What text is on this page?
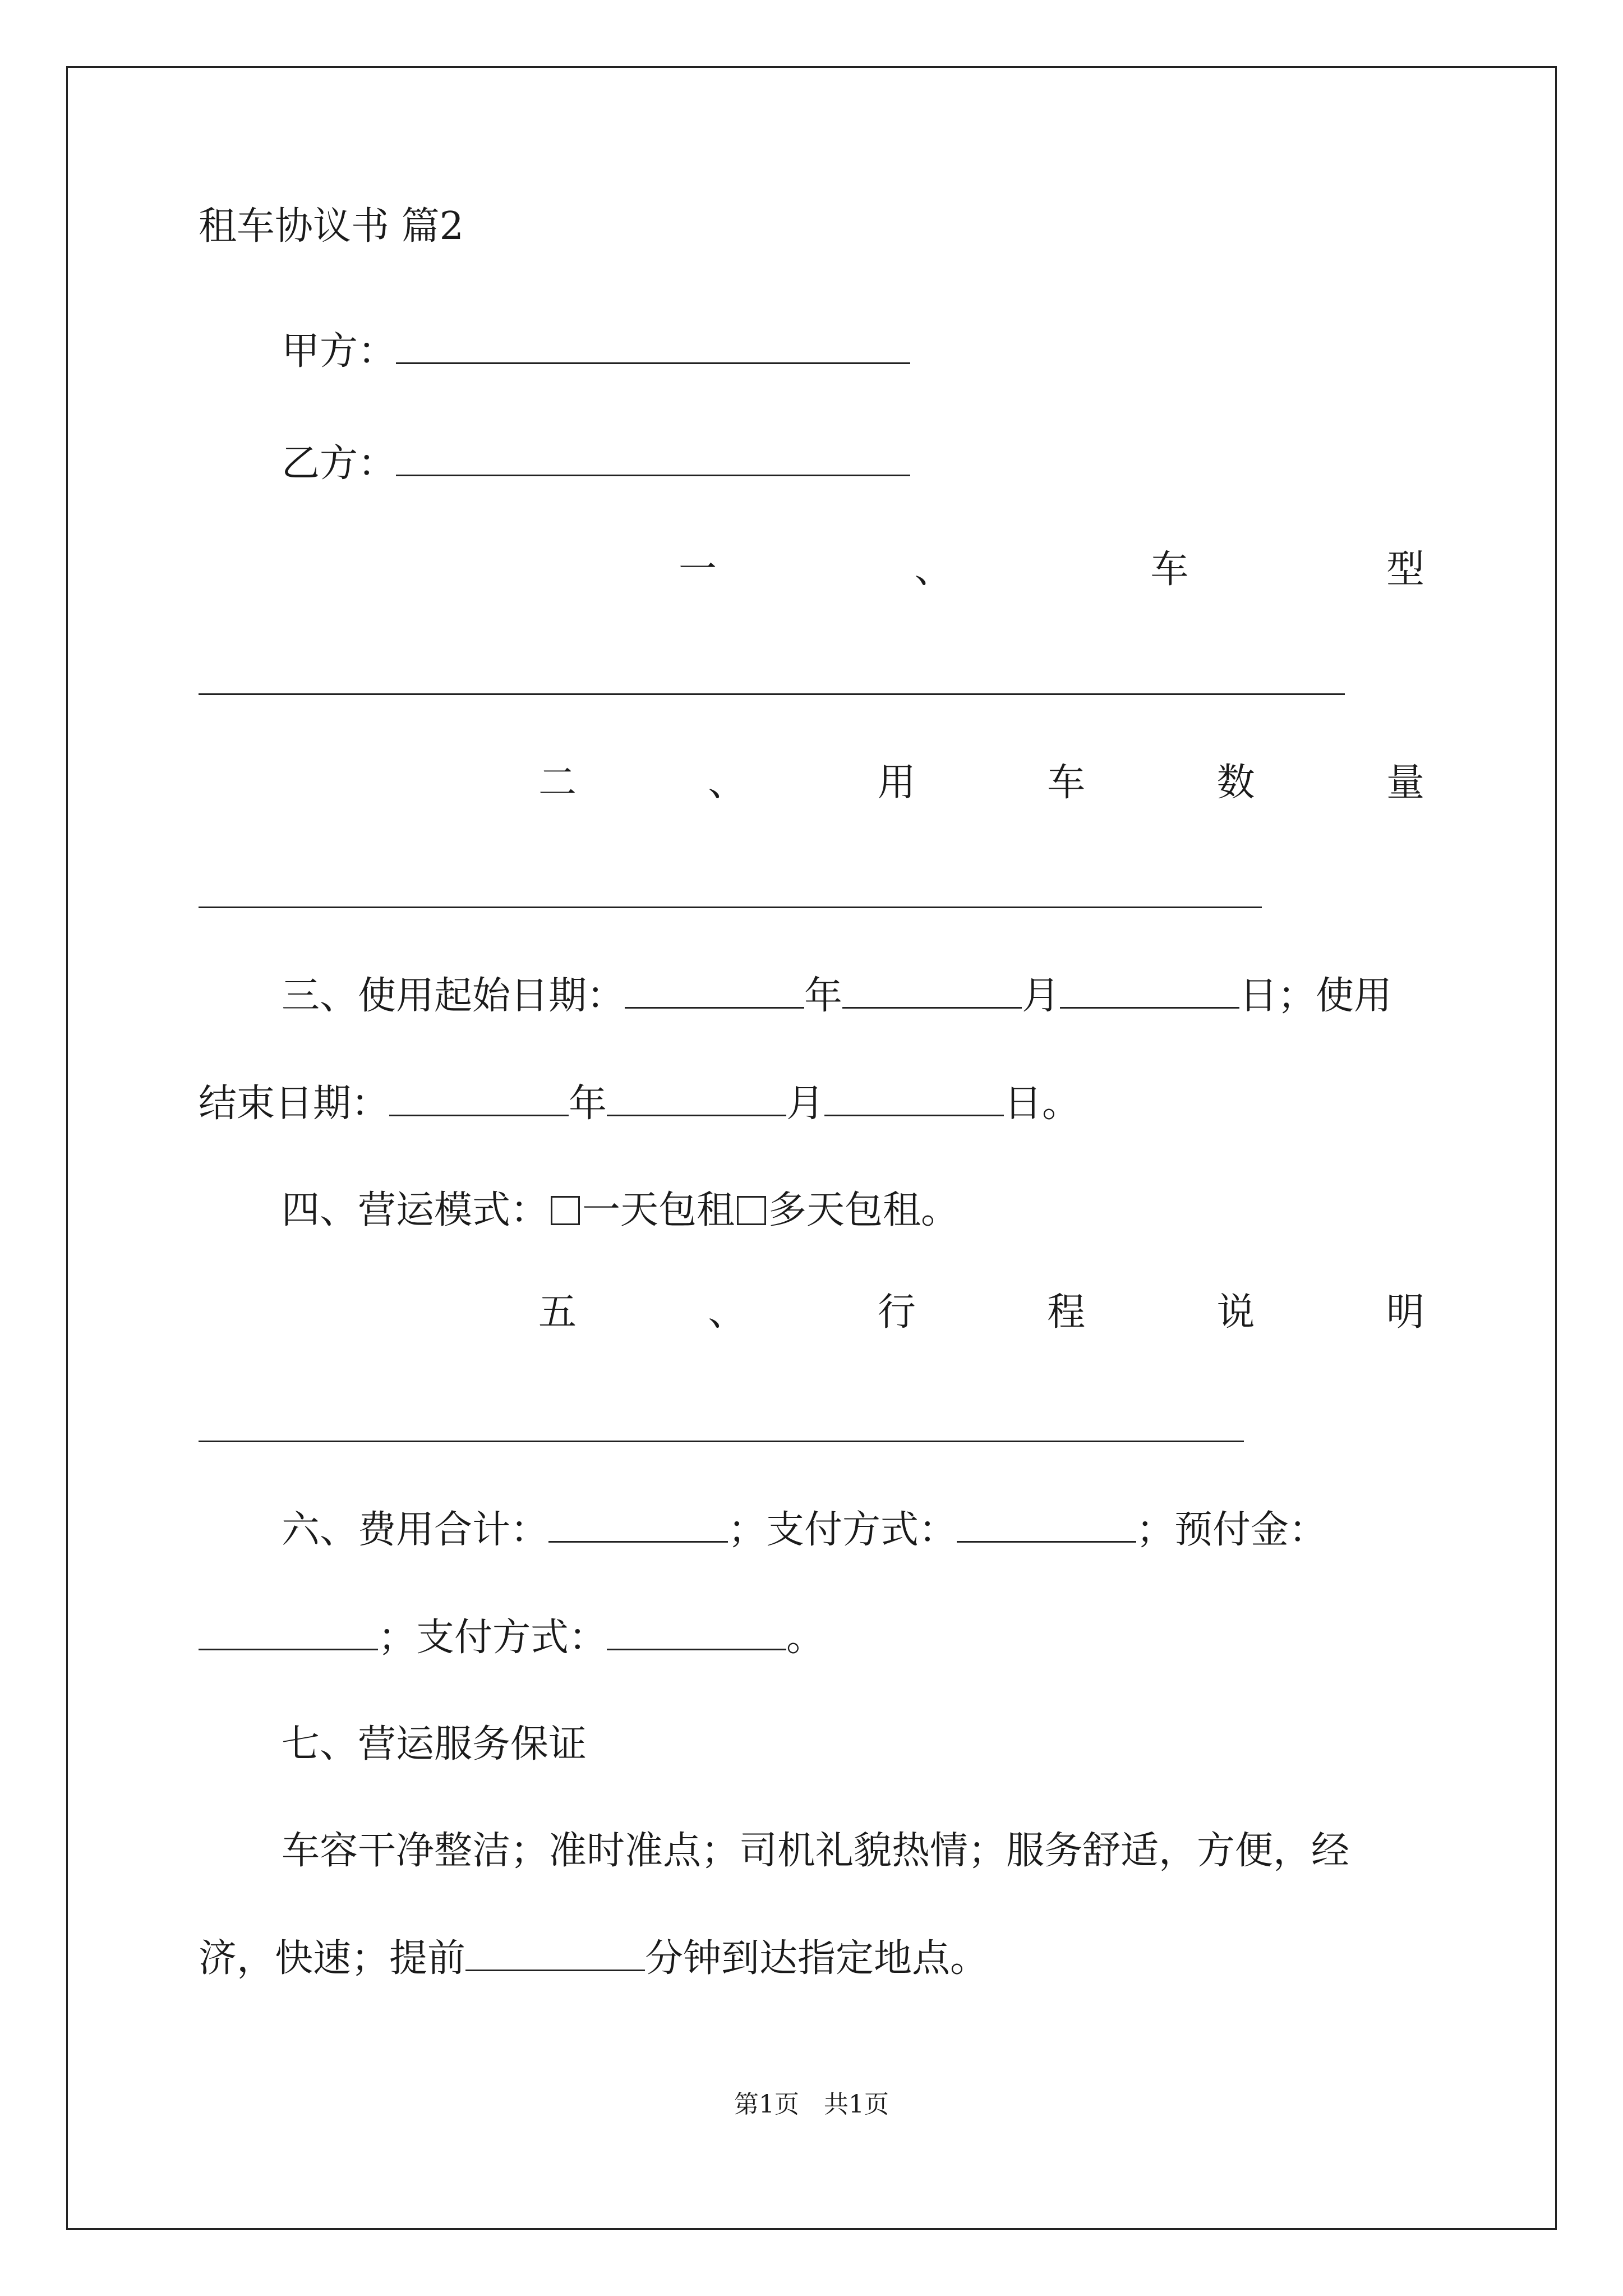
租车协议书 篇2
甲方：
乙方：
一	、	车	型
二	、	用	车	数	量
三、使用起始日期：	年	月	日；使用
结束日期：	年	月	日。
四、营运模式： 一天包租 多天包租。
五	、	行	程	说	明
六、费用合计：	；支付方式：	；预付金：
；支付方式：	。
七、营运服务保证
车容干净整洁；准时准点；司机礼貌热情；服务舒适，方便，经
济，快速；提前	分钟到达指定地点。
第1页　共1页
